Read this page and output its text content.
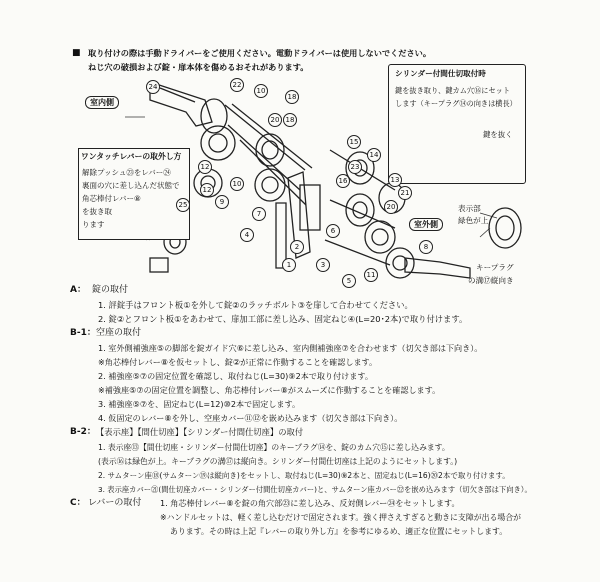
■ 取り付けの際は手動ドライバーをご使用ください。電動ドライバーは使用しないでください。
ねじ穴の破損および錠・扉本体を傷めるおそれがあります。
室内側
室外側
ワンタッチレバーの取外し方
解除プッシュ㉓をレバー㉔
裏面の穴に差し込んだ状態で
角芯棒付レバー⑧
を抜き取
ります
シリンダー付間仕切取付時
鍵を抜き取り、鍵カム穴⑯にセット
します（キープラグ⑭の向きは横長）
鍵を抜く
表示部
緑色が上
キープラグ
の溝⑰縦向き
24	22
10
18
20 18
15
14
23
16
12
12
9
10
7
4
1
2
3
6
5
13
21
20
11
8
25
A： 錠の取付
1. 評錠手はフロント板①を外して錠②のラッチボルト③を扉して合わせてください。
2. 錠②とフロント板①をあわせて、扉加工部に差し込み、固定ねじ④(L=20･2本)で取り付けます。
B-1： 空座の取付
1. 室外側補強座⑤の脚部を錠ガイド穴⑥に差し込み、室内側補強座⑦を合わせます（切欠き部は下向き）。
※角芯棒付レバー⑧を仮セットし、錠②が正常に作動することを確認します。
2. 補強座⑤⑦の固定位置を確認し、取付ねじ(L=30)⑨2本で取り付けます。
※補強座⑤⑦の固定位置を調整し、角芯棒付レバー⑧がスムーズに作動することを確認します。
3. 補強座⑤⑦を、固定ねじ(L=12)⑩2本で固定します。
4. 仮固定のレバー⑧を外し、空座カバー⑪⑫を嵌め込みます（切欠き部は下向き）。
B-2： 【表示座】【間仕切座】【シリンダー付間仕切座】の取付
1. 表示座⑬【間仕切座・シリンダー付間仕切座】のキープラグ⑭を、錠のカム穴⑮に差し込みます。
(表示⑯は緑色が上。キープラグの溝⑰は縦向き。シリンダー付間仕切座は上記のようにセットします。)
2. サムターン座⑱(サムターン⑲は縦向き)をセットし、取付ねじ(L=30)⑨2本と、固定ねじ(L=16)⑳2本で取り付けます。
3. 表示座カバー㉑(間仕切座カバー・シリンダー付間仕切座カバー)と、サムターン座カバー㉒を嵌め込みます（切欠き部は下向き）。
C： レバーの取付 1. 角芯棒付レバー⑧を錠の角穴部㉓に差し込み、反対側レバー㉔をセットします。
※ハンドルセットは、軽く差し込むだけで固定されます。強く押さえすぎると動きに支障が出る場合が
あります。その時は上記『レバーの取り外し方』を参考にゆるめ、適正な位置にセットします。
